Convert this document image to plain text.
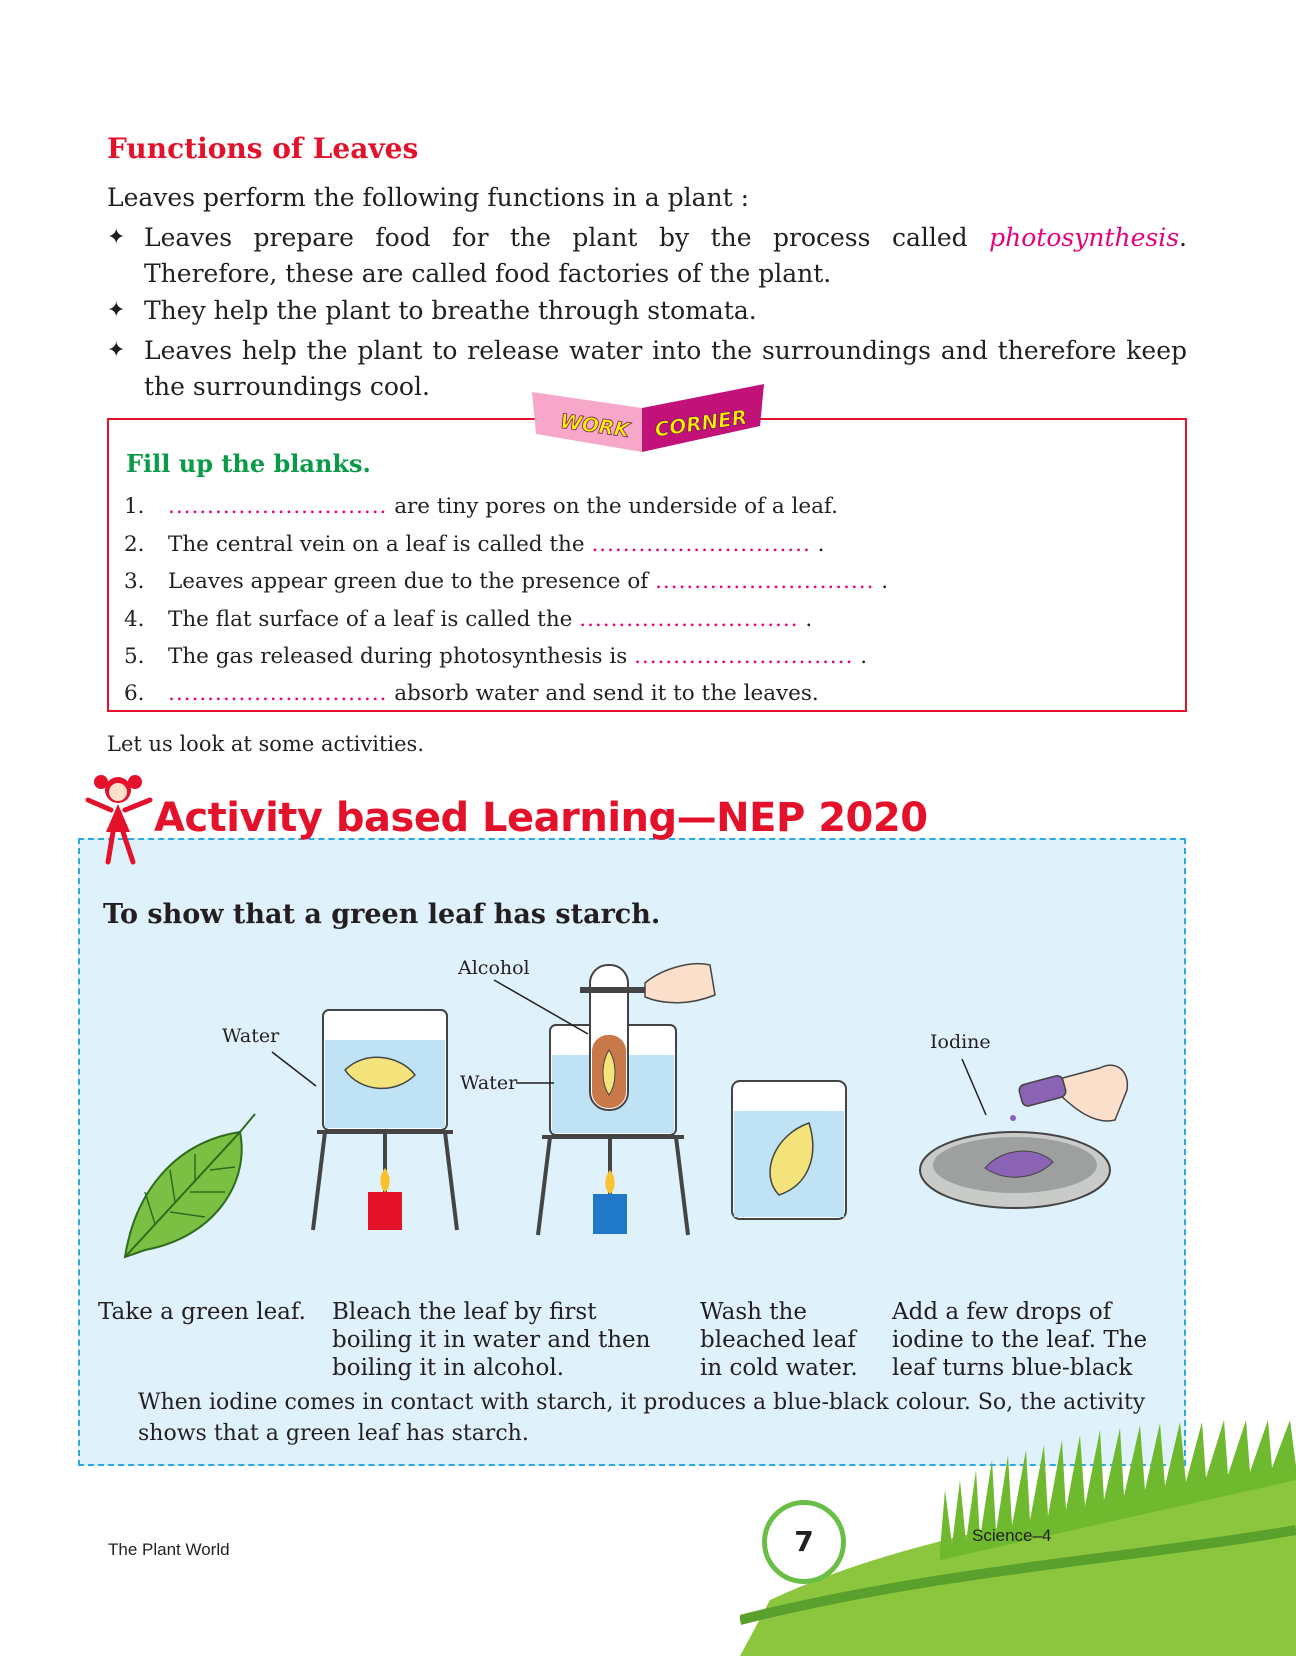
Functions of Leaves
Leaves perform the following functions in a plant :
✦ Leaves prepare food for the plant by the process called photosynthesis. Therefore, these are called food factories of the plant.
✦ They help the plant to breathe through stomata.
✦ Leaves help the plant to release water into the surroundings and therefore keep the surroundings cool.
WORK CORNER
Fill up the blanks.
1. ............................ are tiny pores on the underside of a leaf.
2. The central vein on a leaf is called the ............................ .
3. Leaves appear green due to the presence of ............................ .
4. The flat surface of a leaf is called the ............................ .
5. The gas released during photosynthesis is ............................ .
6. ............................ absorb water and send it to the leaves.
Let us look at some activities.
Activity based Learning—NEP 2020
To show that a green leaf has starch.
Water
Alcohol
Water
Iodine
Take a green leaf. Bleach the leaf by first boiling it in water and then boiling it in alcohol.
Wash the bleached leaf in cold water.
Add a few drops of iodine to the leaf. The leaf turns blue-black
When iodine comes in contact with starch, it produces a blue-black colour. So, the activity shows that a green leaf has starch.
The Plant World	7	Science–4
